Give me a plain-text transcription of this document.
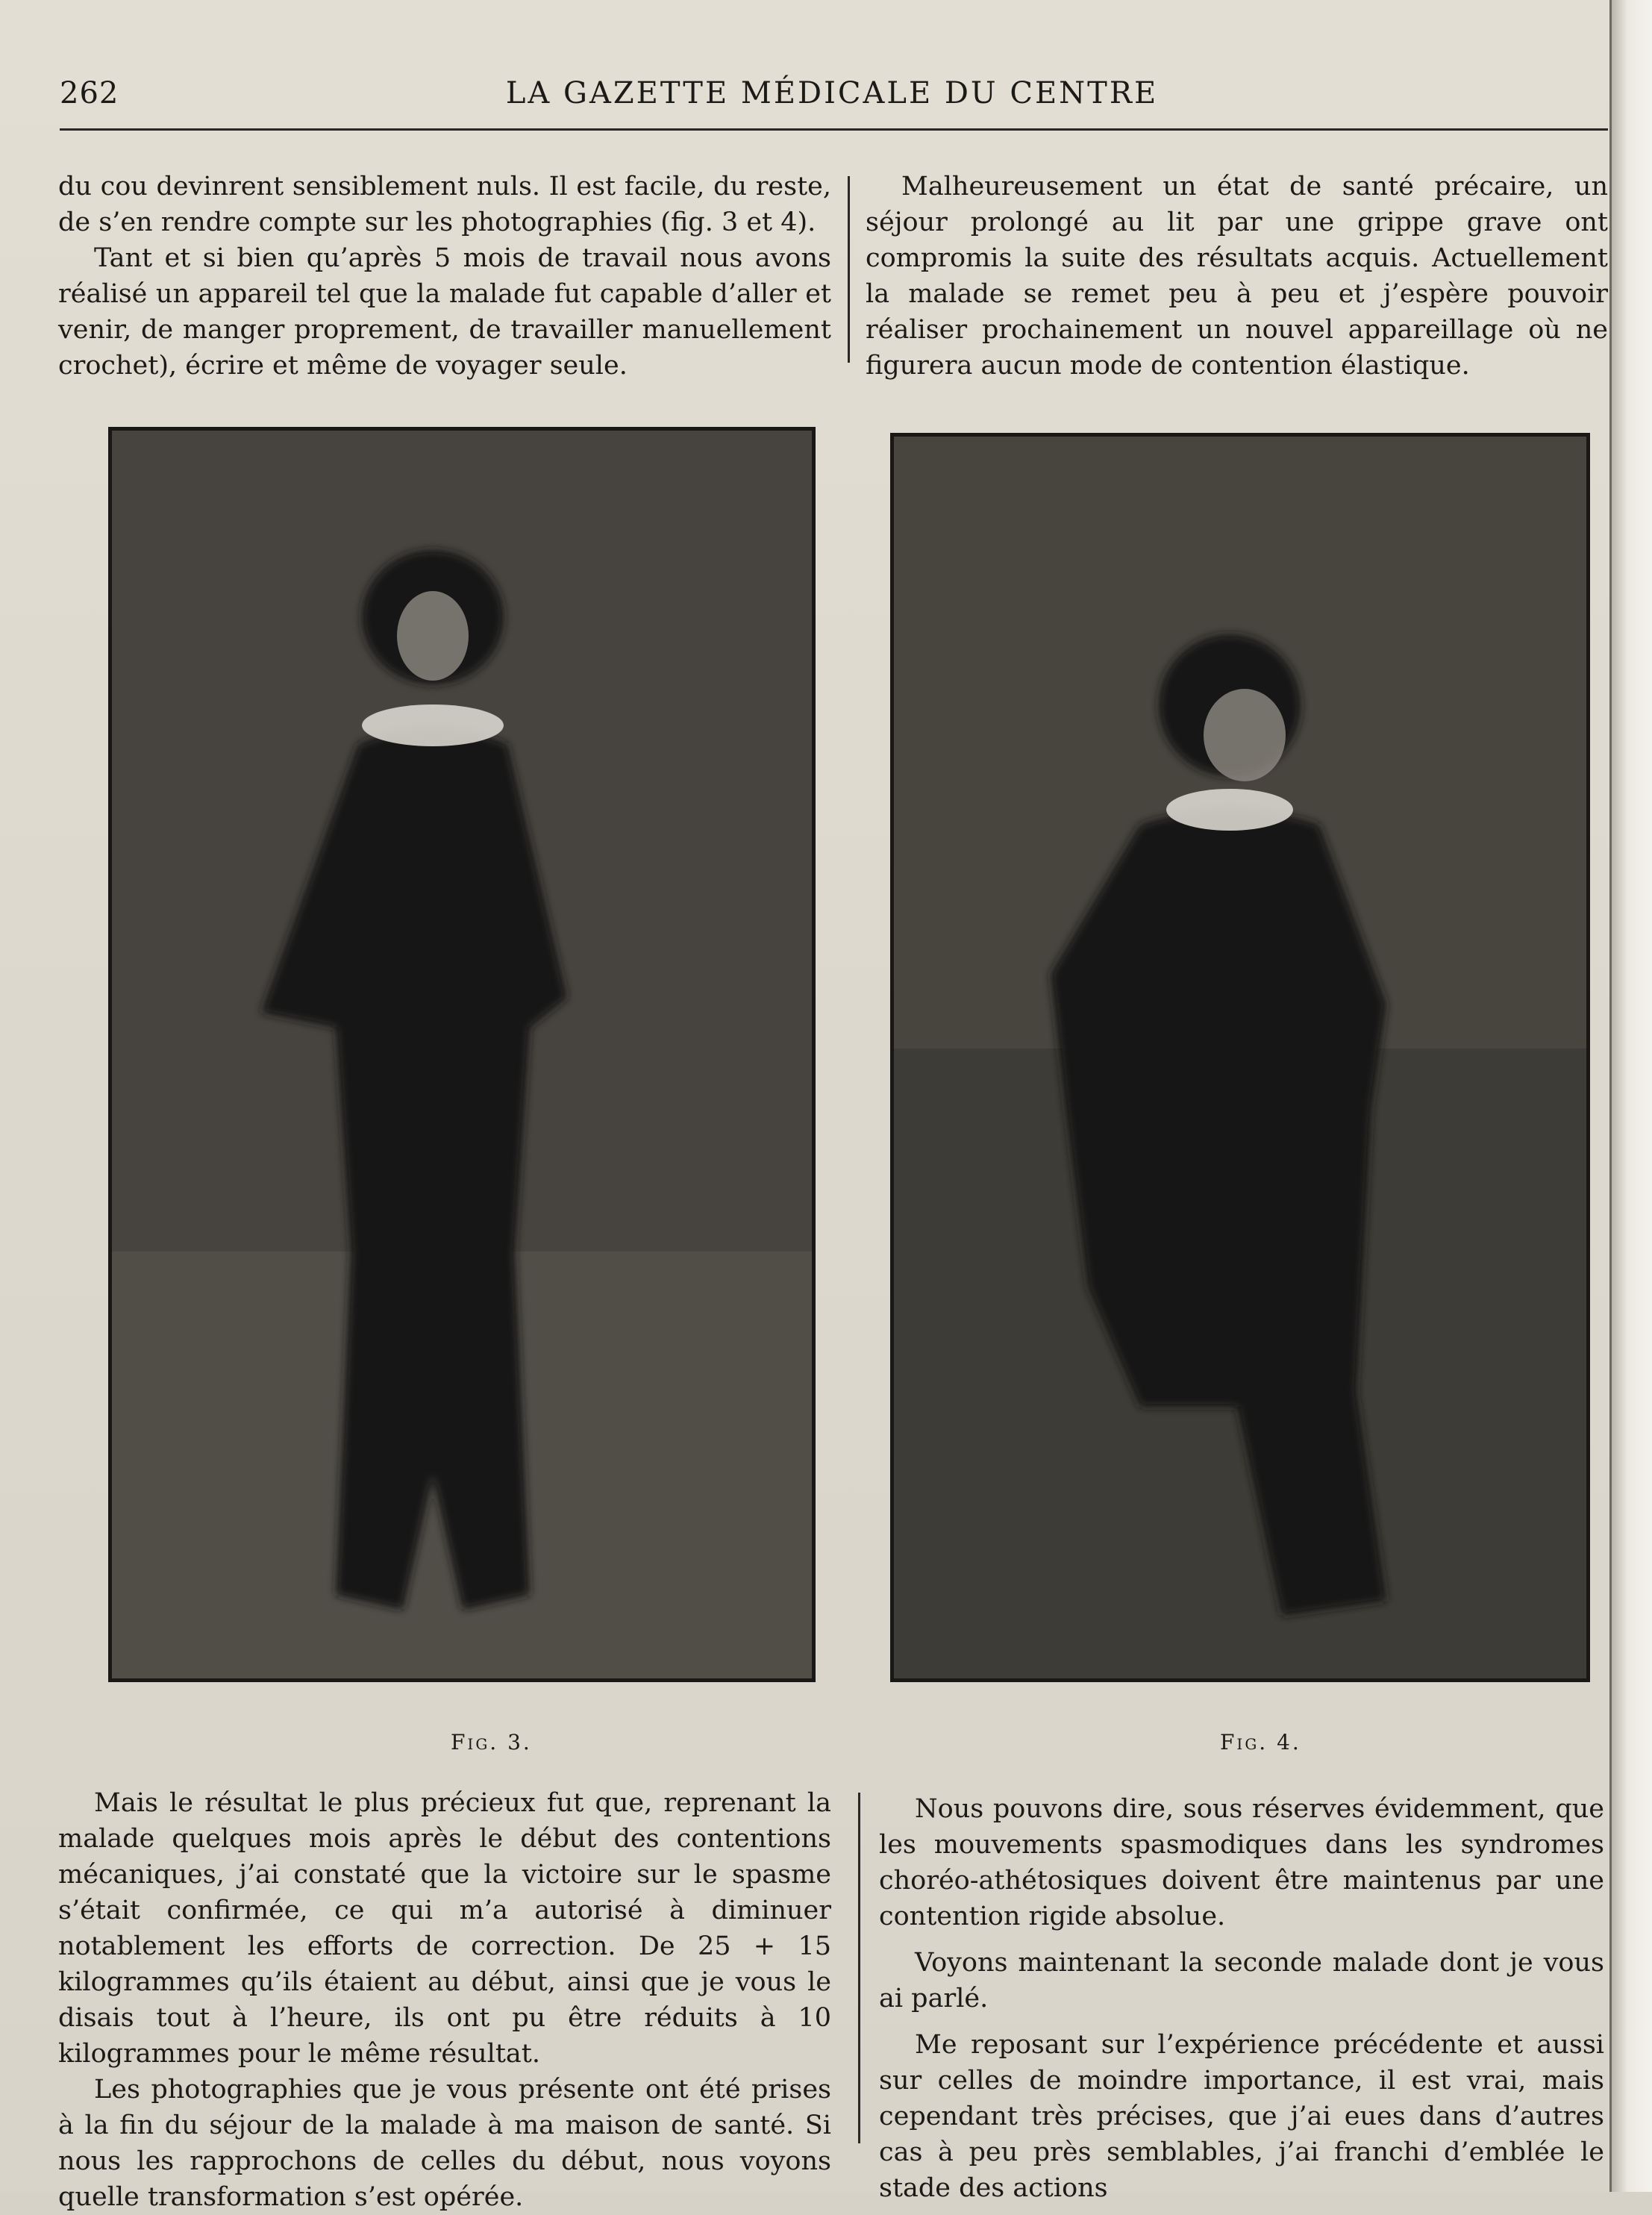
262	LA GAZETTE MÉDICALE DU CENTRE

du cou devinrent sensiblement nuls. Il est facile, du reste, de s’en rendre compte sur les photographies (fig. 3 et 4).

Tant et si bien qu’après 5 mois de travail nous avons réalisé un appareil tel que la malade fut capable d’aller et venir, de manger proprement, de travailler manuellement crochet), écrire et même de voyager seule.

Malheureusement un état de santé précaire, un séjour prolongé au lit par une grippe grave ont compromis la suite des résultats acquis. Actuellement la malade se remet peu à peu et j’espère pouvoir réaliser prochainement un nouvel appareillage où ne figurera aucun mode de contention élastique.

Fig. 3.	Fig. 4.

Mais le résultat le plus précieux fut que, reprenant la malade quelques mois après le début des contentions mécaniques, j’ai constaté que la victoire sur le spasme s’était confirmée, ce qui m’a autorisé à diminuer notablement les efforts de correction. De 25 + 15 kilogrammes qu’ils étaient au début, ainsi que je vous le disais tout à l’heure, ils ont pu être réduits à 10 kilogrammes pour le même résultat.

Les photographies que je vous présente ont été prises à la fin du séjour de la malade à ma maison de santé. Si nous les rapprochons de celles du début, nous voyons quelle transformation s’est opérée.

Nous pouvons dire, sous réserves évidemment, que les mouvements spasmodiques dans les syndromes choréo-athétosiques doivent être maintenus par une contention rigide absolue.

Voyons maintenant la seconde malade dont je vous ai parlé.

Me reposant sur l’expérience précédente et aussi sur celles de moindre importance, il est vrai, mais cependant très précises, que j’ai eues dans d’autres cas à peu près semblables, j’ai franchi d’emblée le stade des actions
